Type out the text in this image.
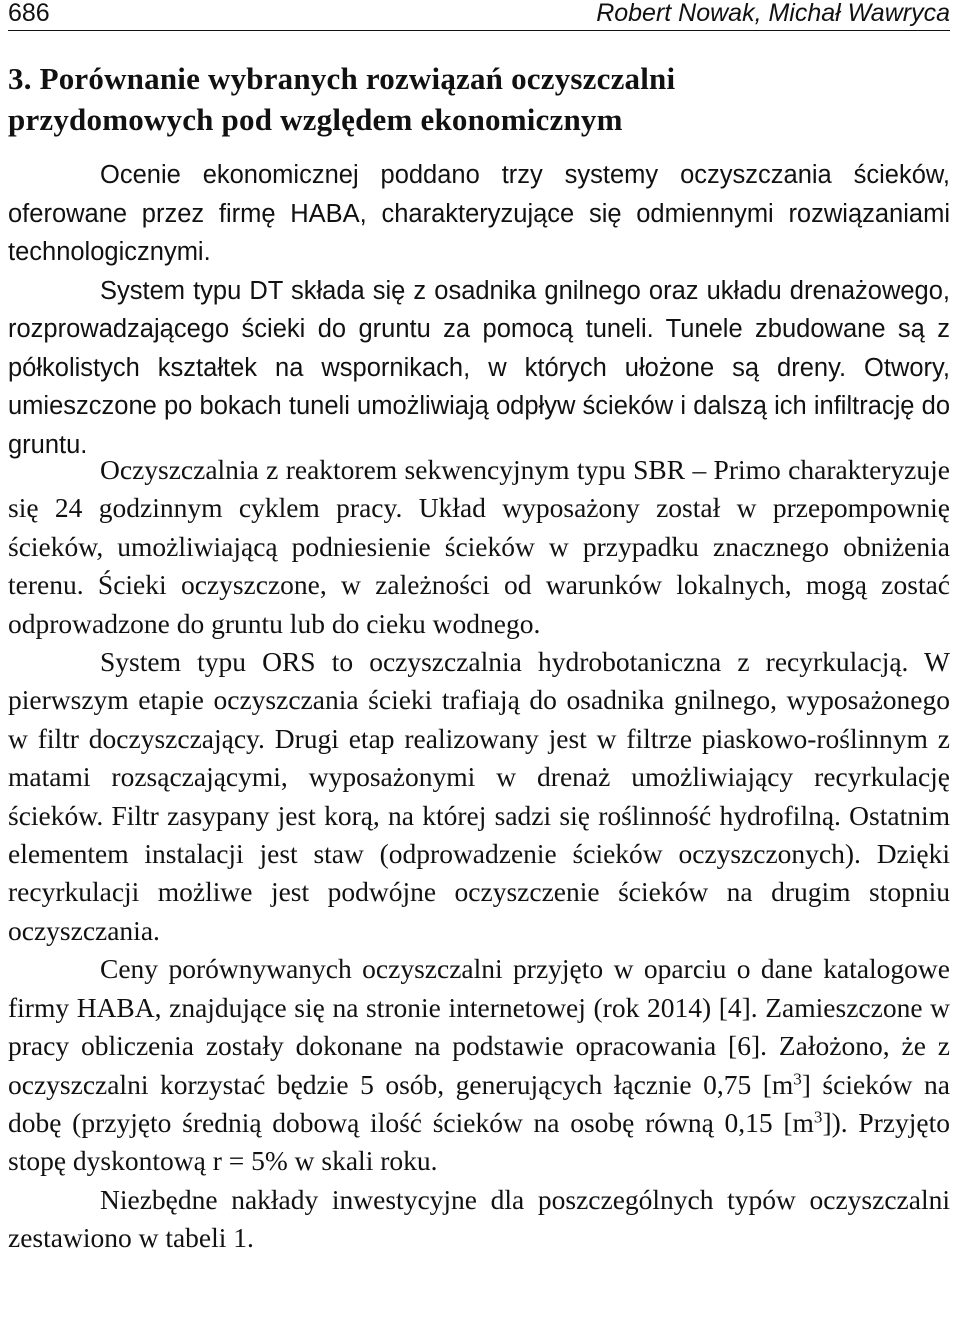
686	Robert Nowak, Michał Wawryca
3. Porównanie wybranych rozwiązań oczyszczalni
przydomowych pod względem ekonomicznym

Ocenie ekonomicznej poddano trzy systemy oczyszczania ścieków, oferowane przez firmę HABA, charakteryzujące się odmiennymi rozwiązaniami technologicznymi.

System typu DT składa się z osadnika gnilnego oraz układu drenażowego, rozprowadzającego ścieki do gruntu za pomocą tuneli. Tunele zbudowane są z półkolistych kształtek na wspornikach, w których ułożone są dreny. Otwory, umieszczone po bokach tuneli umożliwiają odpływ ścieków i dalszą ich infiltrację do gruntu.

Oczyszczalnia z reaktorem sekwencyjnym typu SBR – Primo charakteryzuje się 24 godzinnym cyklem pracy. Układ wyposażony został w przepompownię ścieków, umożliwiającą podniesienie ścieków w przypadku znacznego obniżenia terenu. Ścieki oczyszczone, w zależności od warunków lokalnych, mogą zostać odprowadzone do gruntu lub do cieku wodnego.

System typu ORS to oczyszczalnia hydrobotaniczna z recyrkulacją. W pierwszym etapie oczyszczania ścieki trafiają do osadnika gnilnego, wyposażonego w filtr doczyszczający. Drugi etap realizowany jest w filtrze piaskowo-roślinnym z matami rozsączającymi, wyposażonymi w drenaż umożliwiający recyrkulację ścieków. Filtr zasypany jest korą, na której sadzi się roślinność hydrofilną. Ostatnim elementem instalacji jest staw (odprowadzenie ścieków oczyszczonych). Dzięki recyrkulacji możliwe jest podwójne oczyszczenie ścieków na drugim stopniu oczyszczania.

Ceny porównywanych oczyszczalni przyjęto w oparciu o dane katalogowe firmy HABA, znajdujące się na stronie internetowej (rok 2014) [4]. Zamieszczone w pracy obliczenia zostały dokonane na podstawie opracowania [6]. Założono, że z oczyszczalni korzystać będzie 5 osób, generujących łącznie 0,75 $[m^3]$ ścieków na dobę (przyjęto średnią dobową ilość ścieków na osobę równą 0,15 $[m^3]$). Przyjęto stopę dyskontową r = 5% w skali roku.

Niezbędne nakłady inwestycyjne dla poszczególnych typów oczyszczalni zestawiono w tabeli 1.
